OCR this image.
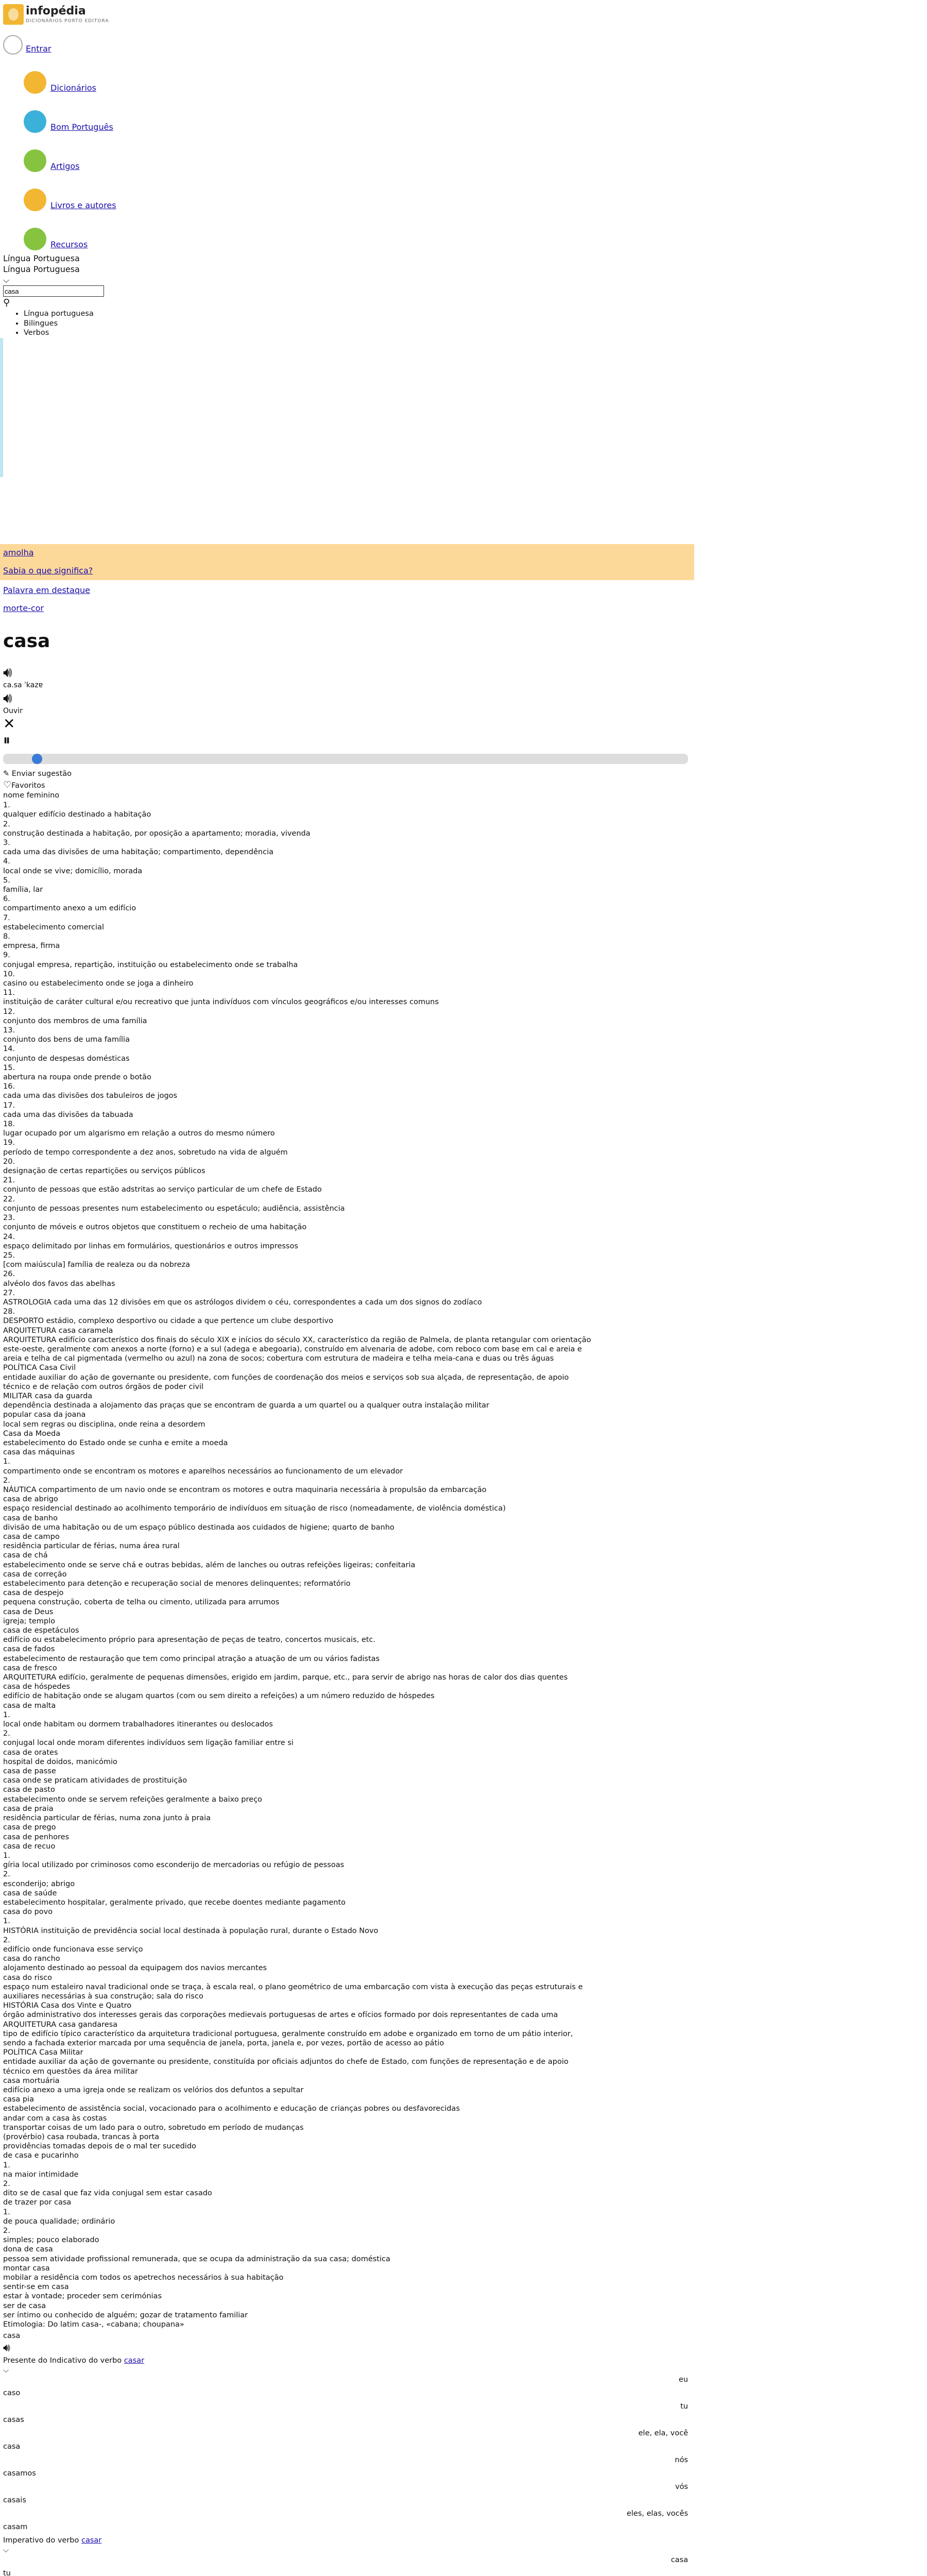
infopédia
DICIONÁRIOS PORTO EDITORA
Entrar
Dicionários
Bom Português
Artigos
Livros e autores
Recursos
Língua Portuguesa
Língua Portuguesa
⌵
casa
⚲
• Língua portuguesa
• Bilingues
• Verbos
amolha
Sabia o que significa?
Palavra em destaque
morte-cor
casa
🔊︎
ca.sa ˈkazɐ
🔊︎
Ouvir
✕
⏸
✎ Enviar sugestão
♡Favoritos
nome feminino
1.
qualquer edifício destinado a habitação
2.
construção destinada a habitação, por oposição a apartamento; moradia, vivenda
3.
cada uma das divisões de uma habitação; compartimento, dependência
4.
local onde se vive; domicílio, morada
5.
família, lar
6.
compartimento anexo a um edifício
7.
estabelecimento comercial
8.
empresa, firma
9.
conjugal empresa, repartição, instituição ou estabelecimento onde se trabalha
10.
casino ou estabelecimento onde se joga a dinheiro
11.
instituição de caráter cultural e/ou recreativo que junta indivíduos com vínculos geográficos e/ou interesses comuns
12.
conjunto dos membros de uma família
13.
conjunto dos bens de uma família
14.
conjunto de despesas domésticas
15.
abertura na roupa onde prende o botão
16.
cada uma das divisões dos tabuleiros de jogos
17.
cada uma das divisões da tabuada
18.
lugar ocupado por um algarismo em relação a outros do mesmo número
19.
período de tempo correspondente a dez anos, sobretudo na vida de alguém
20.
designação de certas repartições ou serviços públicos
21.
conjunto de pessoas que estão adstritas ao serviço particular de um chefe de Estado
22.
conjunto de pessoas presentes num estabelecimento ou espetáculo; audiência, assistência
23.
conjunto de móveis e outros objetos que constituem o recheio de uma habitação
24.
espaço delimitado por linhas em formulários, questionários e outros impressos
25.
[com maiúscula] família de realeza ou da nobreza
26.
alvéolo dos favos das abelhas
27.
ASTROLOGIA cada uma das 12 divisões em que os astrólogos dividem o céu, correspondentes a cada um dos signos do zodíaco
28.
DESPORTO estádio, complexo desportivo ou cidade a que pertence um clube desportivo
ARQUITETURA casa caramela
ARQUITETURA edifício característico dos finais do século XIX e inícios do século XX, característico da região de Palmela, de planta retangular com orientação
este-oeste, geralmente com anexos a norte (forno) e a sul (adega e abegoaria), construído em alvenaria de adobe, com reboco com base em cal e areia e
areia e telha de cal pigmentada (vermelho ou azul) na zona de socos; cobertura com estrutura de madeira e telha meia-cana e duas ou três águas
POLÍTICA Casa Civil
entidade auxiliar do ação de governante ou presidente, com funções de coordenação dos meios e serviços sob sua alçada, de representação, de apoio
técnico e de relação com outros órgãos de poder civil
MILITAR casa da guarda
dependência destinada a alojamento das praças que se encontram de guarda a um quartel ou a qualquer outra instalação militar
popular casa da joana
local sem regras ou disciplina, onde reina a desordem
Casa da Moeda
estabelecimento do Estado onde se cunha e emite a moeda
casa das máquinas
1.
compartimento onde se encontram os motores e aparelhos necessários ao funcionamento de um elevador
2.
NÁUTICA compartimento de um navio onde se encontram os motores e outra maquinaria necessária à propulsão da embarcação
casa de abrigo
espaço residencial destinado ao acolhimento temporário de indivíduos em situação de risco (nomeadamente, de violência doméstica)
casa de banho
divisão de uma habitação ou de um espaço público destinada aos cuidados de higiene; quarto de banho
casa de campo
residência particular de férias, numa área rural
casa de chá
estabelecimento onde se serve chá e outras bebidas, além de lanches ou outras refeições ligeiras; confeitaria
casa de correção
estabelecimento para detenção e recuperação social de menores delinquentes; reformatório
casa de despejo
pequena construção, coberta de telha ou cimento, utilizada para arrumos
casa de Deus
igreja; templo
casa de espetáculos
edifício ou estabelecimento próprio para apresentação de peças de teatro, concertos musicais, etc.
casa de fados
estabelecimento de restauração que tem como principal atração a atuação de um ou vários fadistas
casa de fresco
ARQUITETURA edifício, geralmente de pequenas dimensões, erigido em jardim, parque, etc., para servir de abrigo nas horas de calor dos dias quentes
casa de hóspedes
edifício de habitação onde se alugam quartos (com ou sem direito a refeições) a um número reduzido de hóspedes
casa de malta
1.
local onde habitam ou dormem trabalhadores itinerantes ou deslocados
2.
conjugal local onde moram diferentes indivíduos sem ligação familiar entre si
casa de orates
hospital de doidos, manicómio
casa de passe
casa onde se praticam atividades de prostituição
casa de pasto
estabelecimento onde se servem refeições geralmente a baixo preço
casa de praia
residência particular de férias, numa zona junto à praia
casa de prego
casa de penhores
casa de recuo
1.
gíria local utilizado por criminosos como esconderijo de mercadorias ou refúgio de pessoas
2.
esconderijo; abrigo
casa de saúde
estabelecimento hospitalar, geralmente privado, que recebe doentes mediante pagamento
casa do povo
1.
HISTÓRIA instituição de previdência social local destinada à população rural, durante o Estado Novo
2.
edifício onde funcionava esse serviço
casa do rancho
alojamento destinado ao pessoal da equipagem dos navios mercantes
casa do risco
espaço num estaleiro naval tradicional onde se traça, à escala real, o plano geométrico de uma embarcação com vista à execução das peças estruturais e
auxiliares necessárias à sua construção; sala do risco
HISTÓRIA Casa dos Vinte e Quatro
órgão administrativo dos interesses gerais das corporações medievais portuguesas de artes e ofícios formado por dois representantes de cada uma
ARQUITETURA casa gandaresa
tipo de edifício típico característico da arquitetura tradicional portuguesa, geralmente construído em adobe e organizado em torno de um pátio interior,
sendo a fachada exterior marcada por uma sequência de janela, porta, janela e, por vezes, portão de acesso ao pátio
POLÍTICA Casa Militar
entidade auxiliar da ação de governante ou presidente, constituída por oficiais adjuntos do chefe de Estado, com funções de representação e de apoio
técnico em questões da área militar
casa mortuária
edifício anexo a uma igreja onde se realizam os velórios dos defuntos a sepultar
casa pia
estabelecimento de assistência social, vocacionado para o acolhimento e educação de crianças pobres ou desfavorecidas
andar com a casa às costas
transportar coisas de um lado para o outro, sobretudo em período de mudanças
(provérbio) casa roubada, trancas à porta
providências tomadas depois de o mal ter sucedido
de casa e pucarinho
1.
na maior intimidade
2.
dito se de casal que faz vida conjugal sem estar casado
de trazer por casa
1.
de pouca qualidade; ordinário
2.
simples; pouco elaborado
dona de casa
pessoa sem atividade profissional remunerada, que se ocupa da administração da sua casa; doméstica
montar casa
mobilar a residência com todos os apetrechos necessários à sua habitação
sentir-se em casa
estar à vontade; proceder sem cerimónias
ser de casa
ser íntimo ou conhecido de alguém; gozar de tratamento familiar
Etimologia: Do latim casa-, «cabana; choupana»
casa
🔊︎
Presente do Indicativo do verbo casar
⌵
eu
caso
tu
casas
ele, ela, você
casa
nós
casamos
vós
casais
eles, elas, vocês
casam
Imperativo do verbo casar
⌵
casa
tu
